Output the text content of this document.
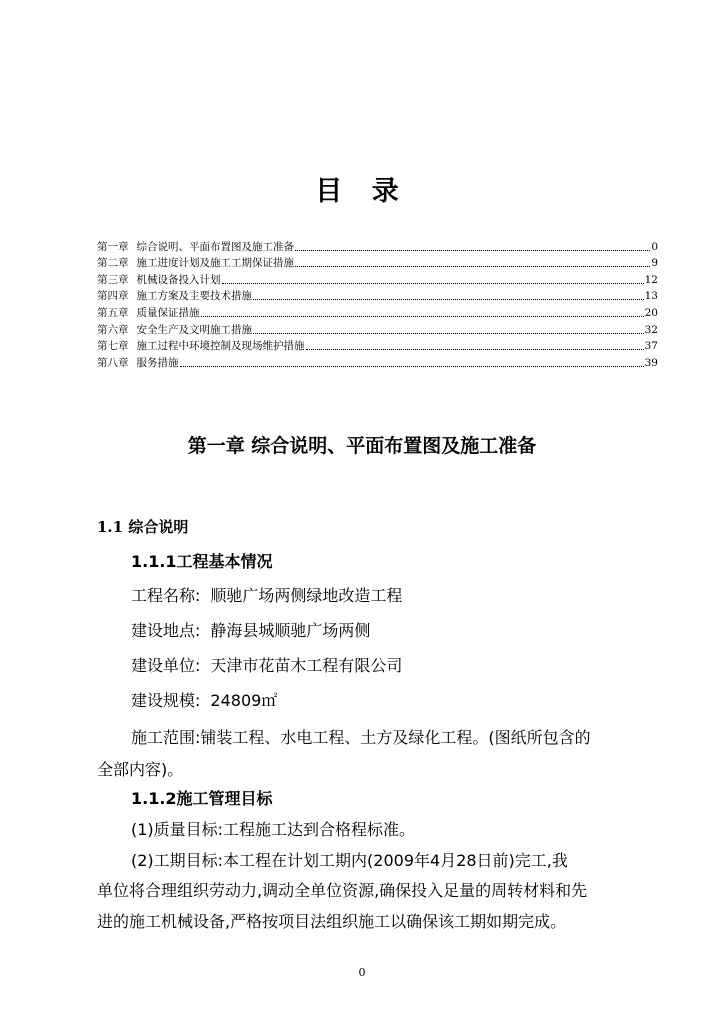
目 录
第一章 综合说明、平面布置图及施工准备	0
第二章 施工进度计划及施工工期保证措施	9
第三章 机械设备投入计划	12
第四章 施工方案及主要技术措施	13
第五章 质量保证措施	20
第六章 安全生产及文明施工措施	32
第七章 施工过程中环境控制及现场维护措施	37
第八章 服务措施	39
第一章 综合说明、平面布置图及施工准备
1.1 综合说明
1.1.1工程基本情况
工程名称: 顺驰广场两侧绿地改造工程
建设地点: 静海县城顺驰广场两侧
建设单位: 天津市花苗木工程有限公司
建设规模: 24809㎡
施工范围:铺装工程、水电工程、土方及绿化工程。(图纸所包含的
全部内容)。
1.1.2施工管理目标
(1)质量目标:工程施工达到合格程标准。
(2)工期目标:本工程在计划工期内(2009年4月28日前)完工,我
单位将合理组织劳动力,调动全单位资源,确保投入足量的周转材料和先
进的施工机械设备,严格按项目法组织施工以确保该工期如期完成。
0
